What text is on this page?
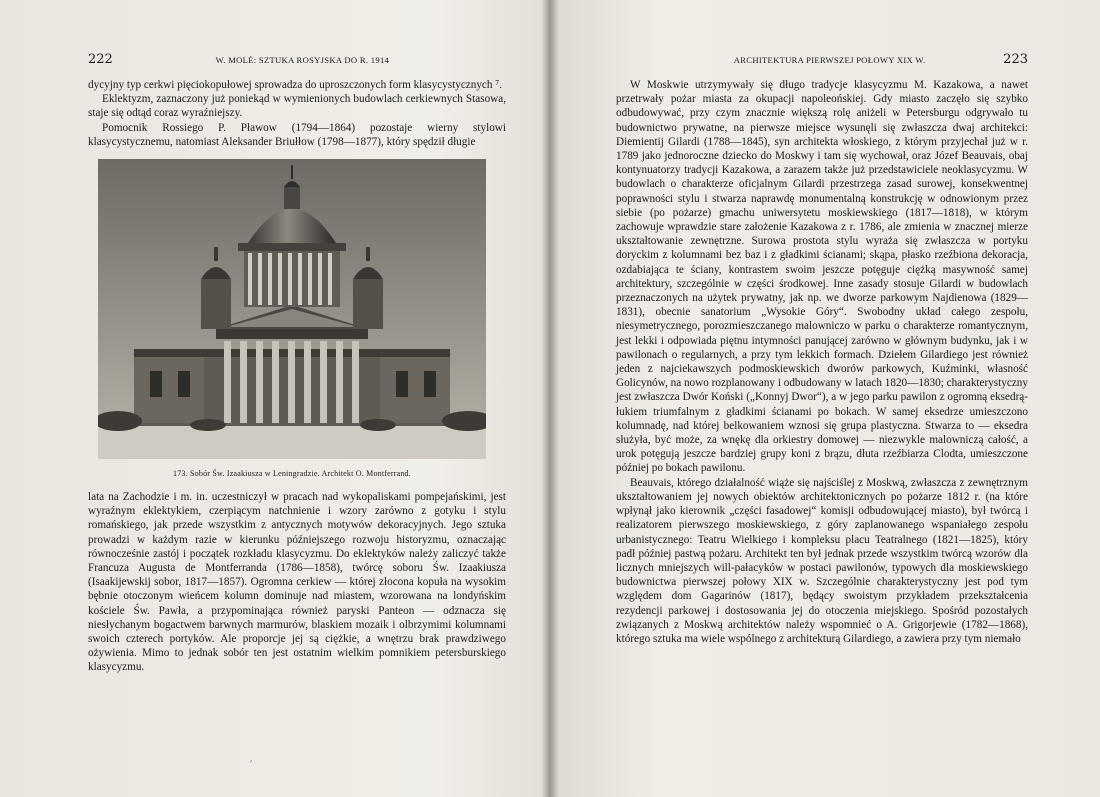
222	W. MOLĖ: SZTUKA ROSYJSKA DO R. 1914

dycyjny typ cerkwi pięciokopułowej sprowadza do uproszczonych form klasycystycznych ⁷.

Eklektyzm, zaznaczony już poniekąd w wymienionych budowlach cerkiewnych Stasowa, staje się odtąd coraz wyraźniejszy.

Pomocnik Rossiego P. Pławow (1794—1864) pozostaje wierny stylowi klasycystycznemu, natomiast Aleksander Briułłow (1798—1877), który spędził długie

173. Sobór Św. Izaakiusza w Leningradzie. Architekt O. Montferrand.

lata na Zachodzie i m. in. uczestniczył w pracach nad wykopaliskami pompejańskimi, jest wyraźnym eklektykiem, czerpiącym natchnienie i wzory zarówno z gotyku i stylu romańskiego, jak przede wszystkim z antycznych motywów dekoracyjnych. Jego sztuka prowadzi w każdym razie w kierunku późniejszego rozwoju historyzmu, oznaczając równocześnie zastój i początek rozkładu klasycyzmu. Do eklektyków należy zaliczyć także Francuza Augusta de Montferranda (1786—1858), twórcę soboru Św. Izaakiusza (Isaakijewskij sobor, 1817—1857). Ogromna cerkiew — której złocona kopuła na wysokim bębnie otoczonym wieńcem kolumn dominuje nad miastem, wzorowana na londyńskim kościele Św. Pawła, a przypominająca również paryski Panteon — odznacza się niesłychanym bogactwem barwnych marmurów, blaskiem mozaik i olbrzymimi kolumnami swoich czterech portyków. Ale proporcje jej są ciężkie, a wnętrzu brak prawdziwego ożywienia. Mimo to jednak sobór ten jest ostatnim wielkim pomnikiem petersburskiego klasycyzmu.

′
ARCHITEKTURA PIERWSZEJ POŁOWY XIX W.	223

W Moskwie utrzymywały się długo tradycje klasycyzmu M. Kazakowa, a nawet przetrwały pożar miasta za okupacji napoleońskiej. Gdy miasto zaczęło się szybko odbudowywać, przy czym znacznie większą rolę aniżeli w Petersburgu odgrywało tu budownictwo prywatne, na pierwsze miejsce wysunęli się zwłaszcza dwaj architekci: Diemientij Gilardi (1788—1845), syn architekta włoskiego, z którym przyjechał już w r. 1789 jako jednoroczne dziecko do Moskwy i tam się wychował, oraz Józef Beauvais, obaj kontynuatorzy tradycji Kazakowa, a zarazem także już przedstawiciele neoklasycyzmu. W budowlach o charakterze oficjalnym Gilardi przestrzega zasad surowej, konsekwentnej poprawności stylu i stwarza naprawdę monumentalną konstrukcję w odnowionym przez siebie (po pożarze) gmachu uniwersytetu moskiewskiego (1817—1818), w którym zachowuje wprawdzie stare założenie Kazakowa z r. 1786, ale zmienia w znacznej mierze ukształtowanie zewnętrzne. Surowa prostota stylu wyraża się zwłaszcza w portyku doryckim z kolumnami bez baz i z gładkimi ścianami; skąpa, płasko rzeźbiona dekoracja, ozdabiająca te ściany, kontrastem swoim jeszcze potęguje ciężką masywność samej architektury, szczególnie w części środkowej. Inne zasady stosuje Gilardi w budowlach przeznaczonych na użytek prywatny, jak np. we dworze parkowym Najdienowa (1829—1831), obecnie sanatorium „Wysokie Góry“. Swobodny układ całego zespołu, niesymetrycznego, porozmieszczanego malowniczo w parku o charakterze romantycznym, jest lekki i odpowiada piętnu intymności panującej zarówno w głównym budynku, jak i w pawilonach o regularnych, a przy tym lekkich formach. Dziełem Gilardiego jest również jeden z najciekawszych podmoskiewskich dworów parkowych, Kuźminki, własność Golicynów, na nowo rozplanowany i odbudowany w latach 1820—1830; charakterystyczny jest zwłaszcza Dwór Koński („Konnyj Dwor“), a w jego parku pawilon z ogromną eksedrą-łukiem triumfalnym z gładkimi ścianami po bokach. W samej eksedrze umieszczono kolumnadę, nad której belkowaniem wznosi się grupa plastyczna. Stwarza to — eksedra służyła, być może, za wnękę dla orkiestry domowej — niezwykle malowniczą całość, a urok potęgują jeszcze bardziej grupy koni z brązu, dłuta rzeźbiarza Clodta, umieszczone później po bokach pawilonu.

Beauvais, którego działalność wiąże się najściślej z Moskwą, zwłaszcza z zewnętrznym ukształtowaniem jej nowych obiektów architektonicznych po pożarze 1812 r. (na które wpłynął jako kierownik „części fasadowej“ komisji odbudowującej miasto), był twórcą i realizatorem pierwszego moskiewskiego, z góry zaplanowanego wspaniałego zespołu urbanistycznego: Teatru Wielkiego i kompleksu placu Teatralnego (1821—1825), który padł później pastwą pożaru. Architekt ten był jednak przede wszystkim twórcą wzorów dla licznych mniejszych will-pałacyków w postaci pawilonów, typowych dla moskiewskiego budownictwa pierwszej połowy XIX w. Szczególnie charakterystyczny jest pod tym względem dom Gagarinów (1817), będący swoistym przykładem przekształcenia rezydencji parkowej i dostosowania jej do otoczenia miejskiego. Spośród pozostałych związanych z Moskwą architektów należy wspomnieć o A. Grigorjewie (1782—1868), którego sztuka ma wiele wspólnego z architekturą Gilardiego, a zawiera przy tym niemało
